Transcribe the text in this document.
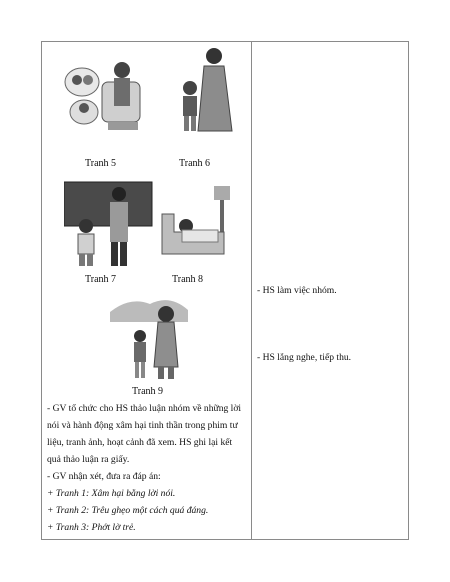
Tranh 5	Tranh 6
Tranh 7	Tranh 8
Tranh 9
- GV tổ chức cho HS thảo luận nhóm về những lời
nói và hành động xâm hại tinh thần trong phim tư
liệu, tranh ảnh, hoạt cảnh đã xem. HS ghi lại kết
quả thảo luận ra giấy.
- GV nhận xét, đưa ra đáp án:
+ Tranh 1: Xâm hại bằng lời nói.
+ Tranh 2: Trêu ghẹo một cách quá đáng.
+ Tranh 3: Phớt lờ trẻ.
- HS làm việc nhóm.
- HS lắng nghe, tiếp thu.
